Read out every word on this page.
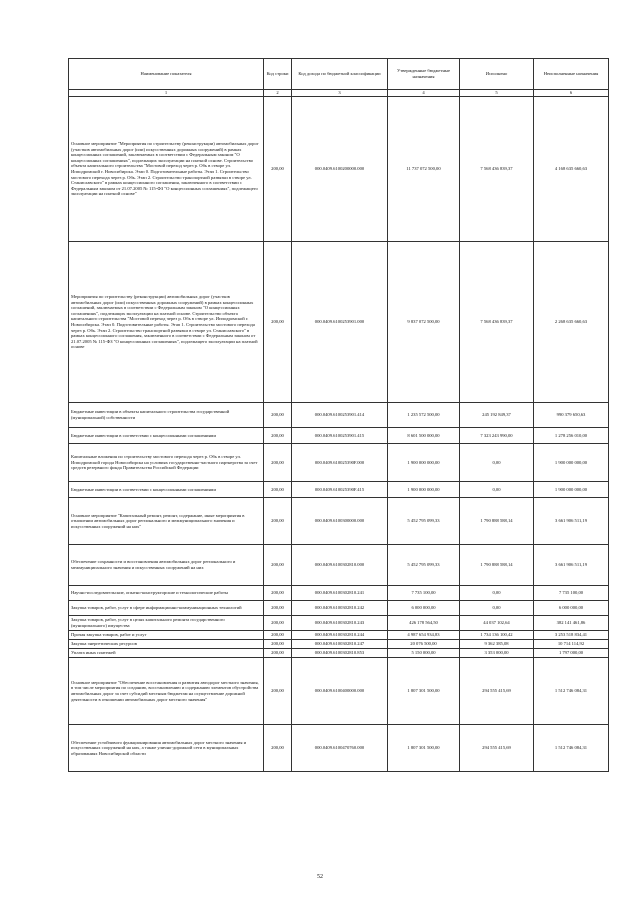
Наименование показателя	Код строки	Код дохода по бюджетной классификации	Утвержденные бюджетные назначения	Исполнено	Неисполненные назначения
1	2	3	4	5	6
Основное мероприятие "Мероприятия по строительству (реконструкции) автомобильных дорог (участков автомобильных дорог (или) искусственных дорожных сооружений) в рамках концессионных соглашений, заключаемых в соответствии с Федеральным законом "О концессионных соглашениях", подлежащих эксплуатации на платной основе. Строительство объекта капитального строительства "Мостовой переход через р. Обь в створе ул. Ипподромской г. Новосибирска. Этап 0. Подготовительные работы. Этап 1. Строительство мостового перехода через р. Обь. Этап 2. Строительство транспортной развязки в створе ул. Станиславского" в рамках концессионного соглашения, заключенного в соответствии с Федеральным законом от 21.07.2005 № 115-ФЗ "О концессионных соглашениях", подлежащего эксплуатации на платной основе"	200,00	000.0409.6100200000.000	11 737 072 500,00	7 568 436 839,37	4 168 635 660,63
Мероприятия по строительству (реконструкции) автомобильных дорог (участков автомобильных дорог (или) искусственных дорожных сооружений) в рамках концессионных соглашений, заключаемых в соответствии с Федеральным законом "О концессионных соглашениях", подлежащих эксплуатации на платной основе. Строительство объекта капитального строительства "Мостовой переход через р. Обь в створе ул. Ипподромской г. Новосибирска. Этап 0. Подготовительные работы. Этап 1. Строительство мостового перехода через р. Обь. Этап 2. Строительство транспортной развязки в створе ул. Станиславского" в рамках концессионного соглашения, заключенного в соответствии с Федеральным законом от 21.07.2005 № 115-ФЗ "О концессионных соглашениях", подлежащего эксплуатации на платной основе	200,00	000.0409.6100253901.000	9 837 072 500,00	7 568 436 839,37	2 268 635 660,63
Бюджетные инвестиции в объекты капитального строительства государственной (муниципальной) собственности	200,00	000.0409.6100253901.414	1 235 572 500,00	245 192 849,37	990 379 650,63
Бюджетные инвестиции в соответствии с концессионными соглашениями	200,00	000.0409.6100253901.415	8 601 500 000,00	7 323 243 990,00	1 278 256 010,00
Капитальные вложения по строительству мостового перехода через р. Обь в створе ул. Ипподромской города Новосибирска на условиях государственно-частного партнерства за счет средств резервного фонда Правительства Российской Федерации	200,00	000.0409.610025390F.000	1 900 000 000,00	0,00	1 900 000 000,00
Бюджетные инвестиции в соответствии с концессионными соглашениями	200,00	000.0409.610025390F.415	1 900 000 000,00	0,00	1 900 000 000,00
Основное мероприятие "Капитальный ремонт, ремонт, содержание, иные мероприятия в отношении автомобильных дорог регионального и межмуниципального значения и искусственных сооружений на них"	200,00	000.0409.6100300000.000	5 452 795 099,33	1 790 888 588,14	3 661 906 511,19
Обеспечение сохранности и восстановления автомобильных дорог регионального и межмуниципального значения и искусственных сооружений на них	200,00	000.0409.6100302810.000	5 452 795 099,33	1 790 888 588,14	3 661 906 511,19
Научно-исследовательские, опытно-конструкторские и технологические работы	200,00	000.0409.6100302810.241	7 735 100,00	0,00	7 735 100,00
Закупка товаров, работ, услуг в сфере информационно-коммуникационных технологий	200,00	000.0409.6100302810.242	6 000 000,00	0,00	6 000 000,00
Закупка товаров, работ, услуг в целях капитального ремонта государственного (муниципального) имущества	200,00	000.0409.6100302810.243	426 178 564,50	44 037 102,64	382 141 461,86
Прочая закупка товаров, работ и услуг	200,00	000.0409.6100302810.244	4 987 654 934,83	1 734 136 100,42	3 253 518 834,41
Закупка энергетических ресурсов	200,00	000.0409.6100302810.247	20 076 500,00	9 362 385,08	10 714 114,92
Уплата иных платежей	200,00	000.0409.6100302810.853	5 150 000,00	3 353 000,00	1 797 000,00
Основное мероприятие "Обеспечение восстановления и развития автодорог местного значения, в том числе мероприятия по созданию, восстановлению и содержанию элементов обустройства автомобильных дорог за счет субсидий местным бюджетам на осуществление дорожной деятельности в отношении автомобильных дорог местного значения"	200,00	000.0409.6100400000.000	1 807 301 500,00	294 555 415,69	1 512 746 084,31
Обеспечение устойчивого функционирования автомобильных дорог местного значения и искусственных сооружений на них, а также улично-дорожной сети в муниципальных образованиях Новосибирской области	200,00	000.0409.6100470760.000	1 807 301 500,00	294 555 415,69	1 512 746 084,31
52
